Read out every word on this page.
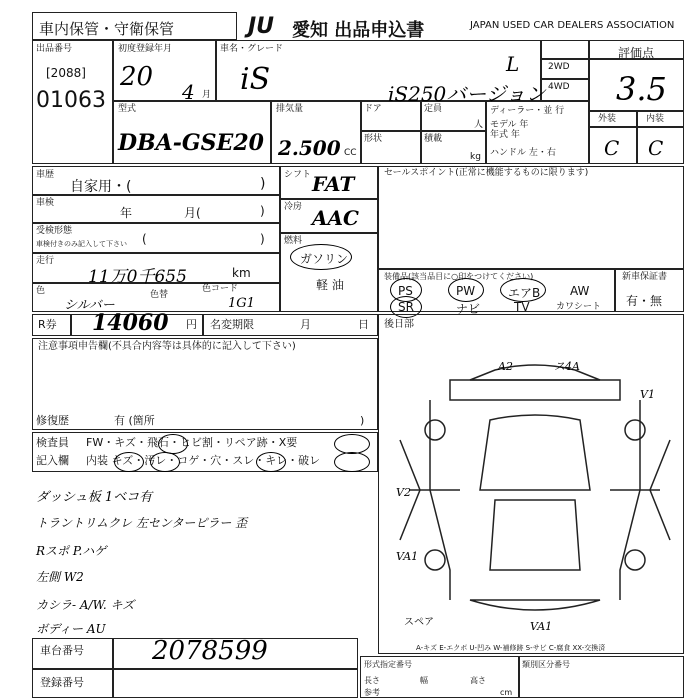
車内保管・守衛保管	JU 愛知 出品申込書	JAPAN USED CAR DEALERS ASSOCIATION
出品番号
[2088]
01063
初度登録年月
20 4 月
車名・グレード
iS	iS250バージョン
L	2WD
4WD
評価点
3.5
型式
DBA-GSE20
排気量
2.500 CC
ドア
形状
定員
人
積載
kg
ディーラー・並 行
モデル 年
年式 年
ハンドル 左・右
外装	内装
C C
車歴
自家用・(	)
車検
年	月(	)
受検形態
車検付きのみ記入して下さい (	)
走行
11万0千655	km
色
シルバー
色替
色コード
1G1
シフト FAT
冷房 AAC
燃料
ガソリン
軽 油
セールスポイント(正常に機能するものに限ります)
装備品(該当品目に○印をつけてください)
PS	PW	エアB AW
SR	ナビ	TV	カワシート
新車保証書
有・無
R券 14060 円 名変期限	月	日
注意事項申告欄(不具合内容等は具体的に記入して下さい)
修復歴	有 (箇所	)
検査員
記入欄
FW・キズ・飛石・ヒビ割・リペア跡・X要
内装 キズ・汚レ・コゲ・穴・スレ・キレ・破レ
ダッシュ板 1ベコ有
トラントリムクレ 左センターピラー 歪
Rスポ P.ハゲ
左側 W2
カシラ- A/W. キズ
ボディー AU
後日部
A2	ス4A
V1
V2
VA1
VA1
スペア
A-キズ E-エクボ U-凹み W-補修跡 S-サビ C-腐食 XX-交換済
車台番号	2078599
登録番号
形式指定番号	類別区分番号
長さ	幅	高さ
参考	cm
